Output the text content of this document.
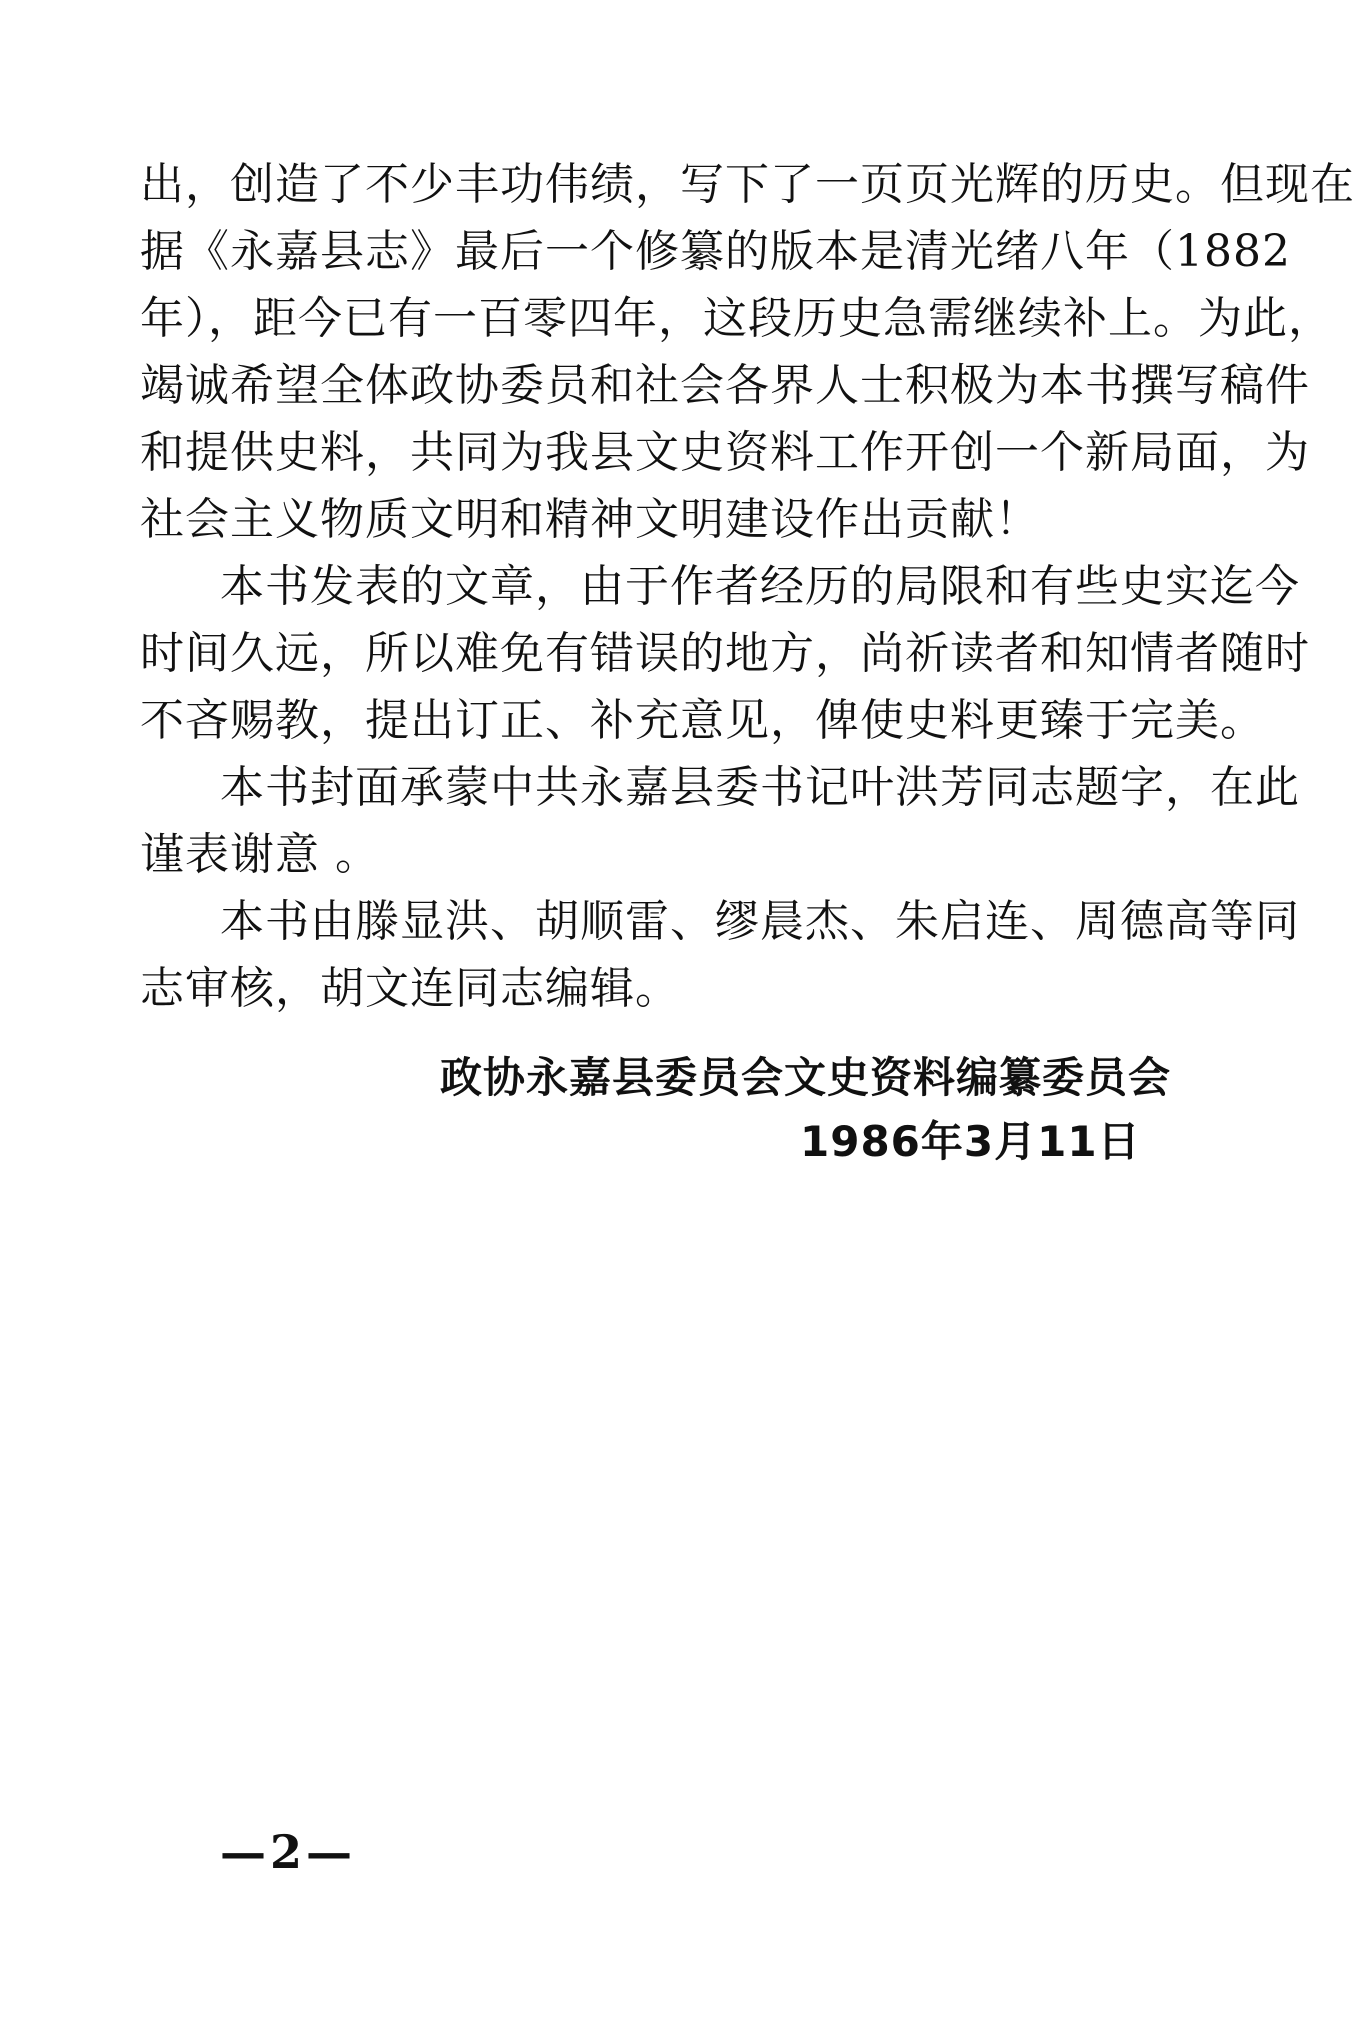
出，创造了不少丰功伟绩，写下了一页页光辉的历史。但现在
据《永嘉县志》最后一个修纂的版本是清光绪八年（1882
年），距今已有一百零四年，这段历史急需继续补上。为此，
竭诚希望全体政协委员和社会各界人士积极为本书撰写稿件
和提供史料，共同为我县文史资料工作开创一个新局面，为
社会主义物质文明和精神文明建设作出贡献！
本书发表的文章，由于作者经历的局限和有些史实迄今
时间久远，所以难免有错误的地方，尚祈读者和知情者随时
不吝赐教，提出订正、补充意见，俾使史料更臻于完美。
本书封面承蒙中共永嘉县委书记叶洪芳同志题字，在此
谨表谢意 。
本书由滕显洪、胡顺雷、缪晨杰、朱启连、周德高等同
志审核，胡文连同志编辑。
政协永嘉县委员会文史资料编纂委员会
1986年3月11日
—2—
